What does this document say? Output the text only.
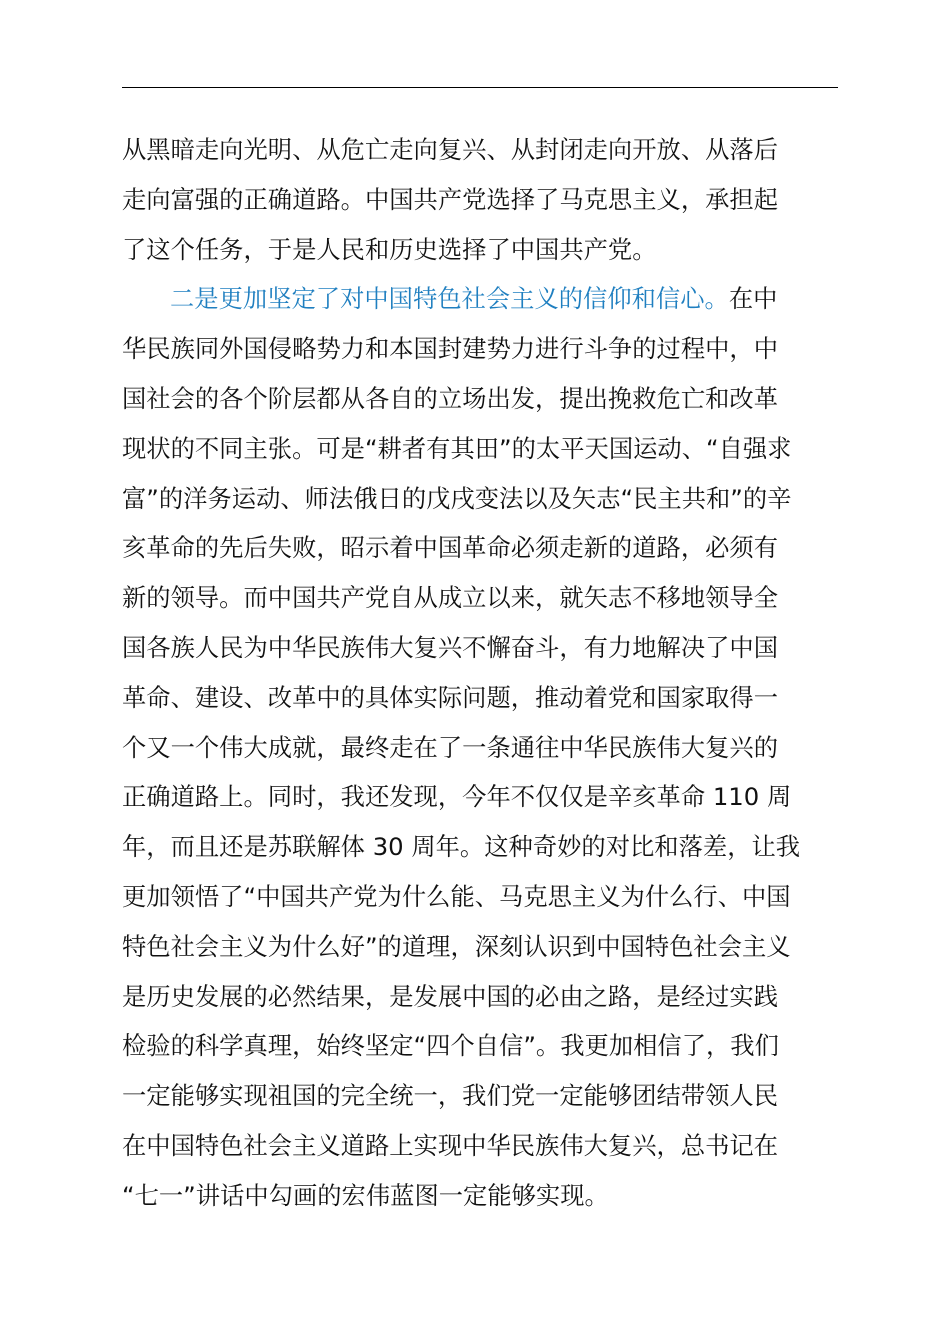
从黑暗走向光明、从危亡走向复兴、从封闭走向开放、从落后
走向富强的正确道路。中国共产党选择了马克思主义，承担起
了这个任务，于是人民和历史选择了中国共产党。
二是更加坚定了对中国特色社会主义的信仰和信心。在中
华民族同外国侵略势力和本国封建势力进行斗争的过程中，中
国社会的各个阶层都从各自的立场出发，提出挽救危亡和改革
现状的不同主张。可是“耕者有其田”的太平天国运动、“自强求
富”的洋务运动、师法俄日的戊戌变法以及矢志“民主共和”的辛
亥革命的先后失败，昭示着中国革命必须走新的道路，必须有
新的领导。而中国共产党自从成立以来，就矢志不移地领导全
国各族人民为中华民族伟大复兴不懈奋斗，有力地解决了中国
革命、建设、改革中的具体实际问题，推动着党和国家取得一
个又一个伟大成就，最终走在了一条通往中华民族伟大复兴的
正确道路上。同时，我还发现，今年不仅仅是辛亥革命 110 周
年，而且还是苏联解体 30 周年。这种奇妙的对比和落差，让我
更加领悟了“中国共产党为什么能、马克思主义为什么行、中国
特色社会主义为什么好”的道理，深刻认识到中国特色社会主义
是历史发展的必然结果，是发展中国的必由之路，是经过实践
检验的科学真理，始终坚定“四个自信”。我更加相信了，我们
一定能够实现祖国的完全统一，我们党一定能够团结带领人民
在中国特色社会主义道路上实现中华民族伟大复兴，总书记在
“七一”讲话中勾画的宏伟蓝图一定能够实现。
